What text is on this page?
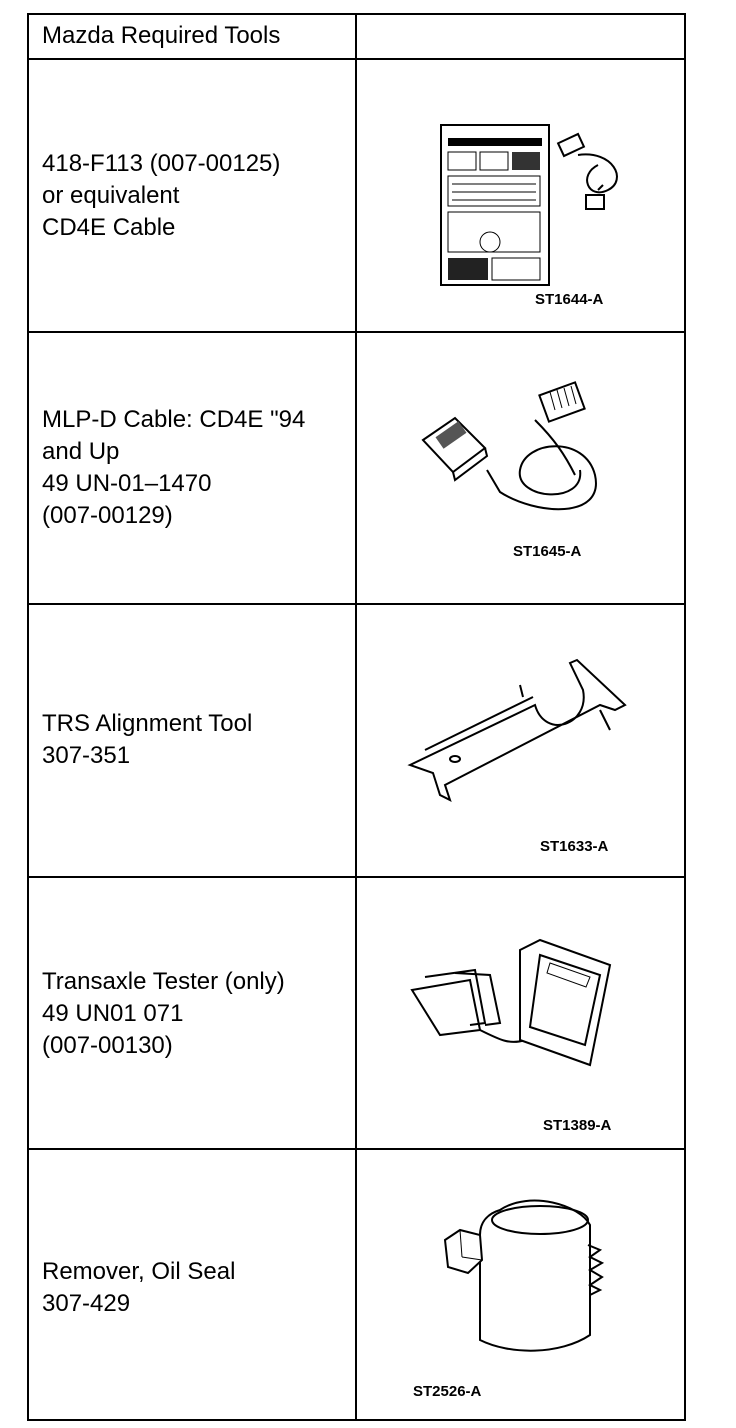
Mazda Required Tools
418-F113 (007-00125)
or equivalent
CD4E Cable
ST1644-A
MLP-D Cable: CD4E "94
and Up
49 UN-01–1470
(007-00129)
ST1645-A
TRS Alignment Tool
307-351
ST1633-A
Transaxle Tester (only)
49 UN01 071
(007-00130)
ST1389-A
Remover, Oil Seal
307-429
ST2526-A
